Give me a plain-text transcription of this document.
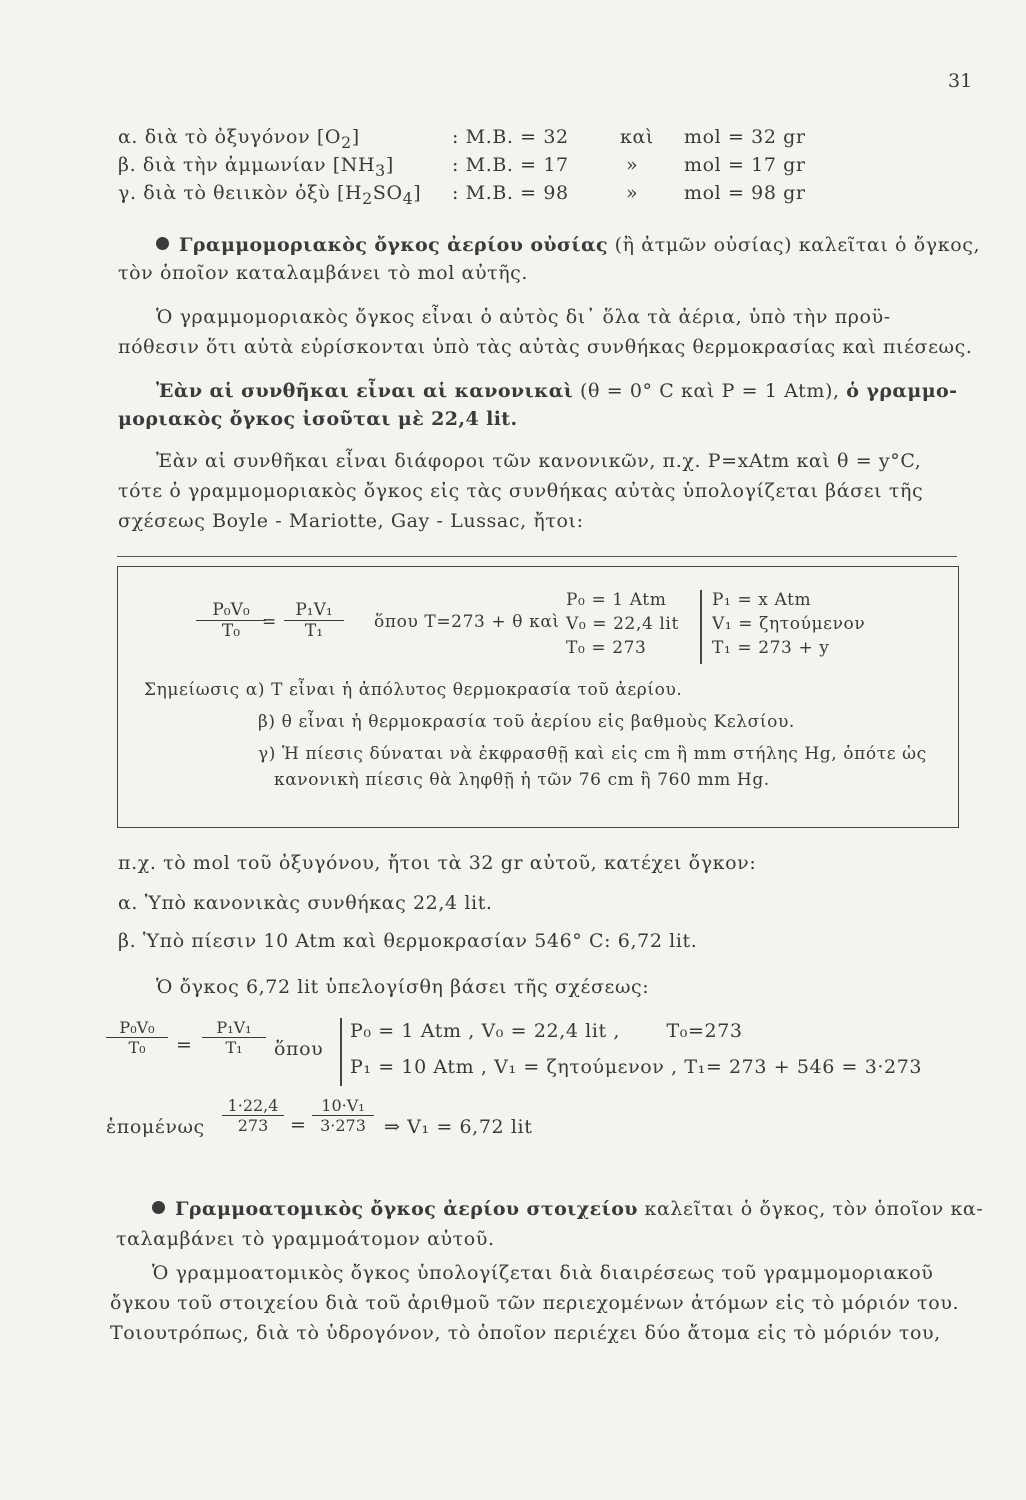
31
α. διὰ τὸ ὀξυγόνον $[O_2]$	: M.B. = 32	καὶ mol = 32 gr
β. διὰ τὴν ἀμμωνίαν $[NH_3]$	: M.B. = 17	» mol = 17 gr
γ. διὰ τὸ θειικὸν ὀξὺ $[H_2SO_4]$ : M.B. = 98	» mol = 98 gr
Γραμμομοριακὸς ὄγκος ἀερίου οὐσίας (ἢ ἀτμῶν οὐσίας) καλεῖται ὁ ὄγκος,
τὸν ὁποῖον καταλαμβάνει τὸ mol αὐτῆς.
Ὁ γραμμομοριακὸς ὄγκος εἶναι ὁ αὐτὸς δι᾽ ὅλα τὰ ἀέρια, ὑπὸ τὴν προϋ-
πόθεσιν ὅτι αὐτὰ εὑρίσκονται ὑπὸ τὰς αὐτὰς συνθήκας θερμοκρασίας καὶ πιέσεως.
Ἐὰν αἱ συνθῆκαι εἶναι αἱ κανονικαὶ (θ = 0° C καὶ P = 1 Atm), ὁ γραμμο-
μοριακὸς ὄγκος ἰσοῦται μὲ 22,4 lit.
Ἐὰν αἱ συνθῆκαι εἶναι διάφοροι τῶν κανονικῶν, π.χ. P=xAtm καὶ θ = y°C,
τότε ὁ γραμμομοριακὸς ὄγκος εἰς τὰς συνθήκας αὐτὰς ὑπολογίζεται βάσει τῆς
σχέσεως Boyle - Mariotte, Gay - Lussac, ἤτοι:
$\frac{\text{P₀V₀}}{\text{T₀}}$
= $\frac{\text{P₁V₁}}{\text{T₁}}$ ὅπου T=273 + θ καὶ
P₀ = 1 Atm
V₀ = 22,4 lit
T₀ = 273
P₁ = x Atm
V₁ = ζητούμενον
T₁ = 273 + y
Σημείωσις α) T εἶναι ἡ ἀπόλυτος θερμοκρασία τοῦ ἀερίου.
β) θ εἶναι ἡ θερμοκρασία τοῦ ἀερίου εἰς βαθμοὺς Κελσίου.
γ) Ἡ πίεσις δύναται νὰ ἐκφρασθῇ καὶ εἰς cm ἢ mm στήλης Hg, ὁπότε ὡς
κανονικὴ πίεσις θὰ ληφθῇ ἡ τῶν 76 cm ἢ 760 mm Hg.
π.χ. τὸ mol τοῦ ὀξυγόνου, ἤτοι τὰ 32 gr αὐτοῦ, κατέχει ὄγκον:
α. Ὑπὸ κανονικὰς συνθήκας 22,4 lit.
β. Ὑπὸ πίεσιν 10 Atm καὶ θερμοκρασίαν 546° C: 6,72 lit.
Ὁ ὄγκος 6,72 lit ὑπελογίσθη βάσει τῆς σχέσεως:
$\frac{\text{P₀V₀}}{\text{T₀}} = \frac{\text{P₁V₁}}{\text{T₁}}$ ὅπου
P₀ = 1 Atm , V₀ = 22,4 lit ,       T₀=273
P₁ = 10 Atm , V₁ = ζητούμενον , T₁= 273 + 546 = 3·273
ἑπομένως $\frac{1\cdot 22,4}{273} = \frac{\text{10·V₁}}{3\cdot 273}$ ⇒ V₁ = 6,72 lit
Γραμμοατομικὸς ὄγκος ἀερίου στοιχείου καλεῖται ὁ ὄγκος, τὸν ὁποῖον κα-
ταλαμβάνει τὸ γραμμοάτομον αὐτοῦ.
Ὁ γραμμοατομικὸς ὄγκος ὑπολογίζεται διὰ διαιρέσεως τοῦ γραμμομοριακοῦ
ὄγκου τοῦ στοιχείου διὰ τοῦ ἀριθμοῦ τῶν περιεχομένων ἀτόμων εἰς τὸ μόριόν του.
Τοιουτρόπως, διὰ τὸ ὑδρογόνον, τὸ ὁποῖον περιέχει δύο ἄτομα εἰς τὸ μόριόν του,
